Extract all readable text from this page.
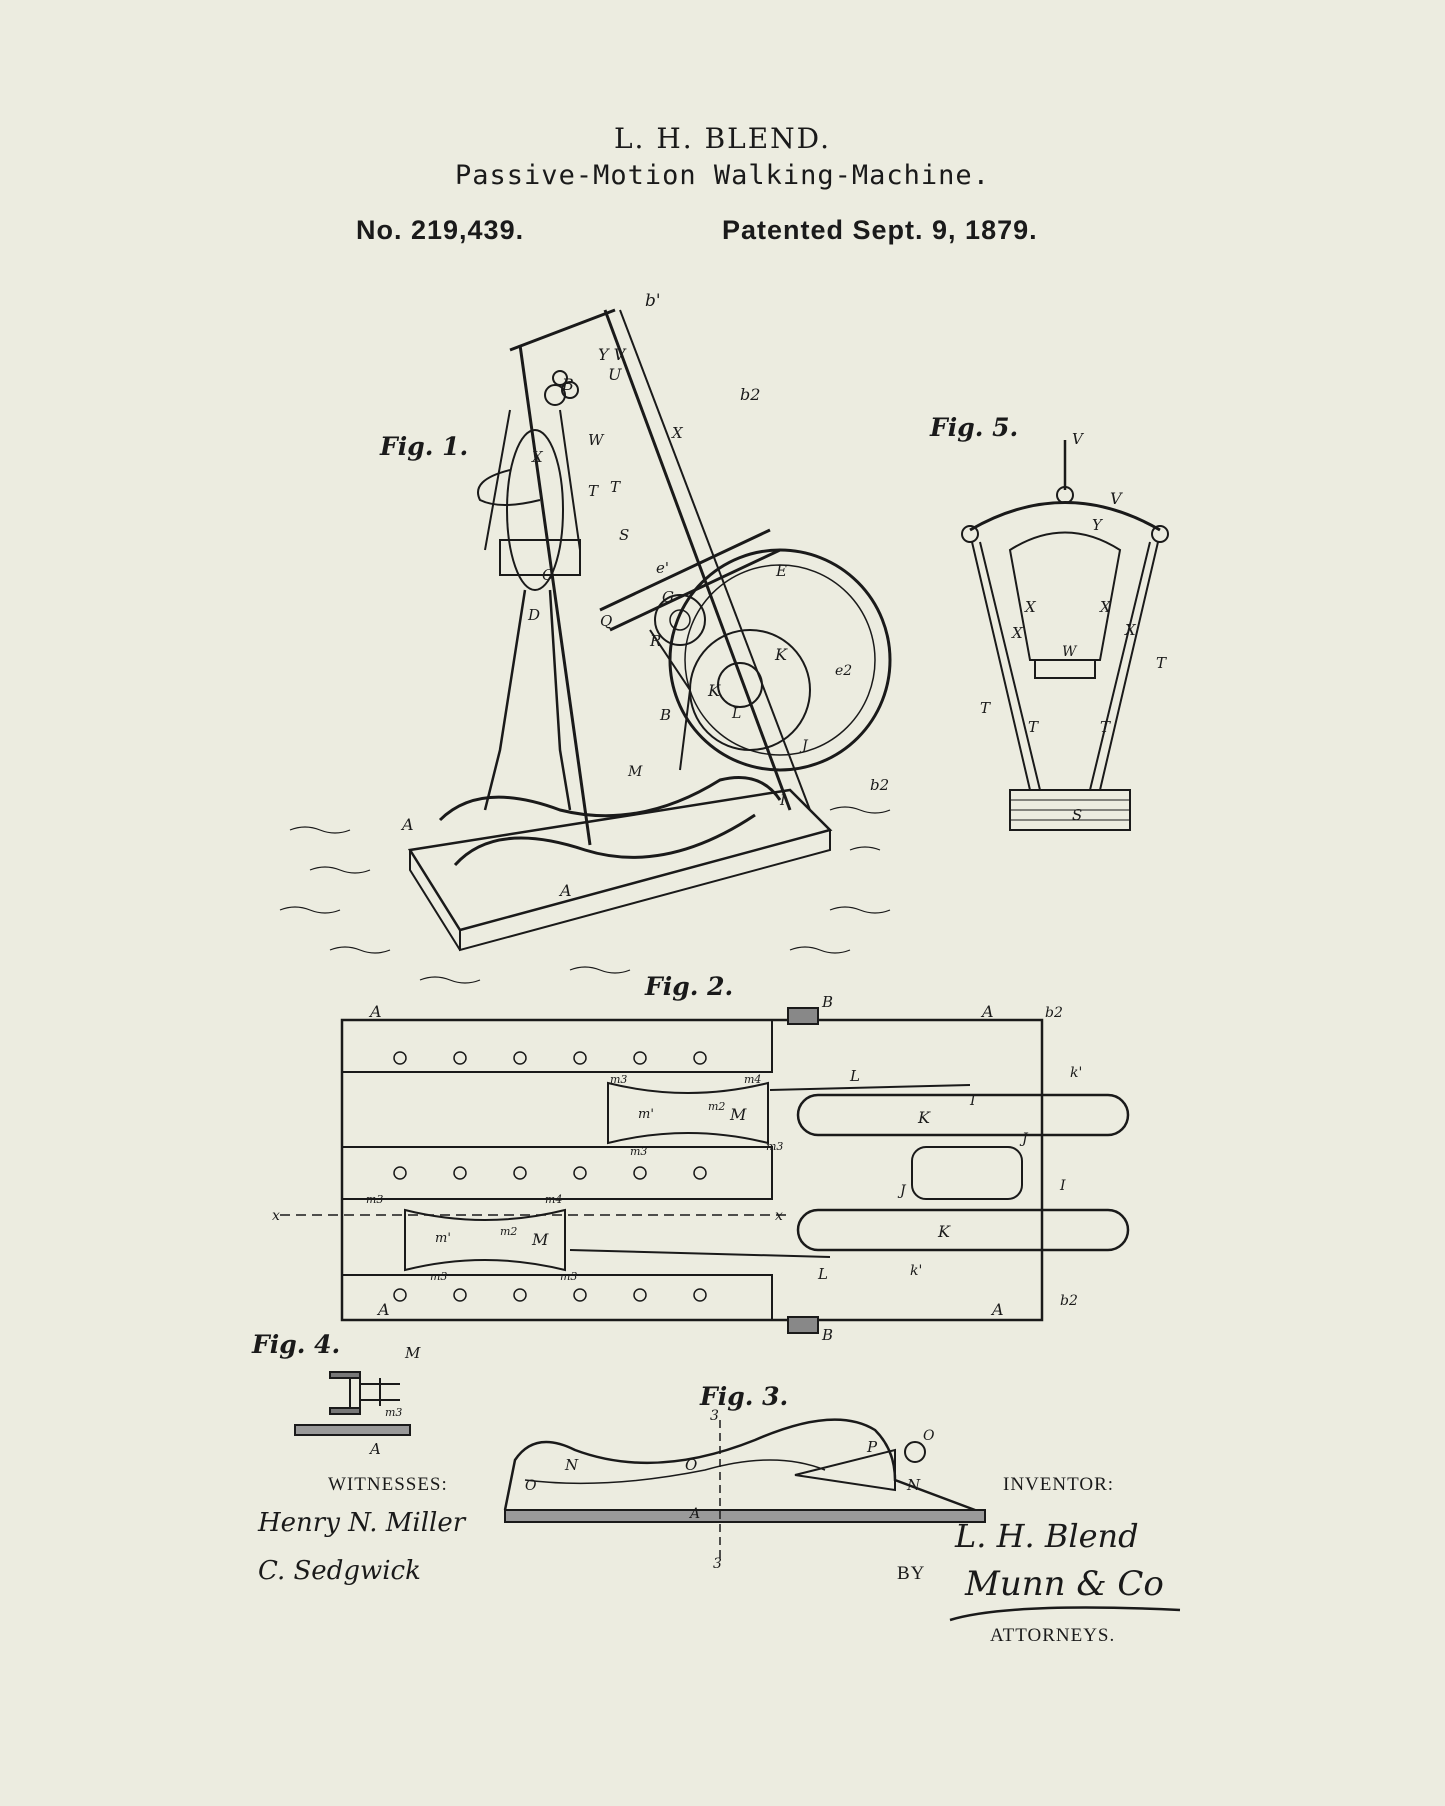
L. H. BLEND.
Passive-Motion Walking-Machine.
No. 219,439.	Patented Sept. 9, 1879.
Fig. 1.
Fig. 5.
Fig. 2.
Fig. 4.
Fig. 3.
b'
Y V
U
B
b2
X
X
W
T T
S
C
D
e'	E
Q
G
R
K
K
e2
L
B
I
M
A
A
b2
J
V
V
Y
X	X
X	X
W
T
T
T	T
S
B
A	A	b2
m3	m4	L	k'
m'
m2 M	K
I
m3	m3	J
m3	m4
I
J
x	x
m'	m2 M	K
m3	m3	L	k'
A	A	b2
B
M
m3
A
3
P
O
O
N	O
N
A
3
WITNESSES:
Henry N. Miller
C. Sedgwick
INVENTOR:
L. H. Blend
BY Munn & Co
ATTORNEYS.
